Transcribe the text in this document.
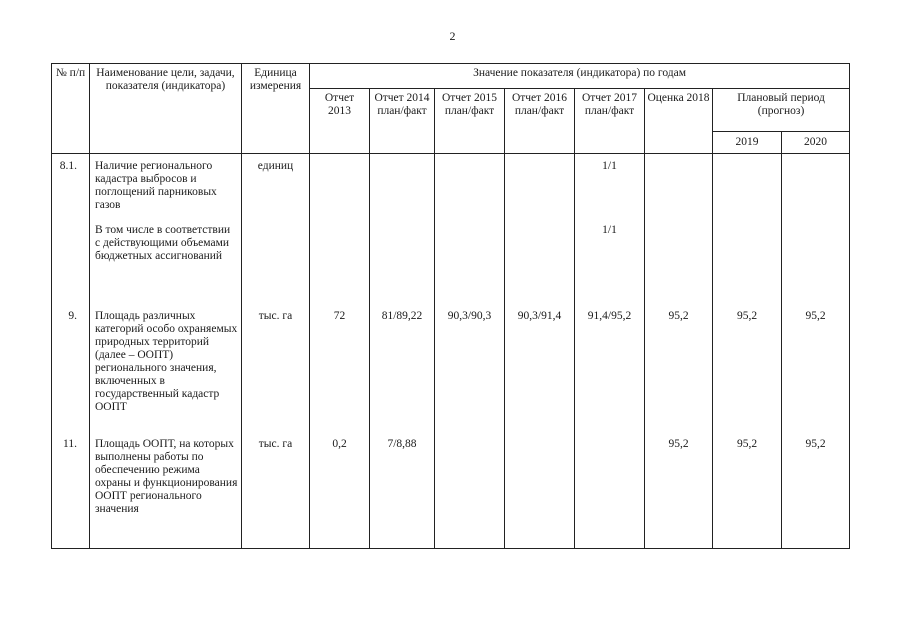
2
№ п/п	Наименование цели, задачи, показателя (индикатора)	Единица измерения	Значение показателя (индикатора) по годам							
			Отчет 2013	Отчет 2014 план/факт	Отчет 2015 план/факт	Отчет 2016 план/факт	Отчет 2017 план/факт	Оценка 2018	Плановый период (прогноз)	
									2019	2020
8.1.	Наличие регионального кадастра выбросов и поглощений парниковых газов	единиц					1/1			
	В том числе в соответствии с действующими объемами бюджетных ассигнований						1/1			
9.	Площадь различных категорий особо охраняемых природных территорий (далее – ООПТ) регионального значения, включенных в государственный кадастр ООПТ	тыс. га	72	81/89,22	90,3/90,3	90,3/91,4	91,4/95,2	95,2	95,2	95,2
11.	Площадь ООПТ, на которых выполнены работы по обеспечению режима охраны и функционирования ООПТ регионального значения	тыс. га	0,2	7/8,88				95,2	95,2	95,2
